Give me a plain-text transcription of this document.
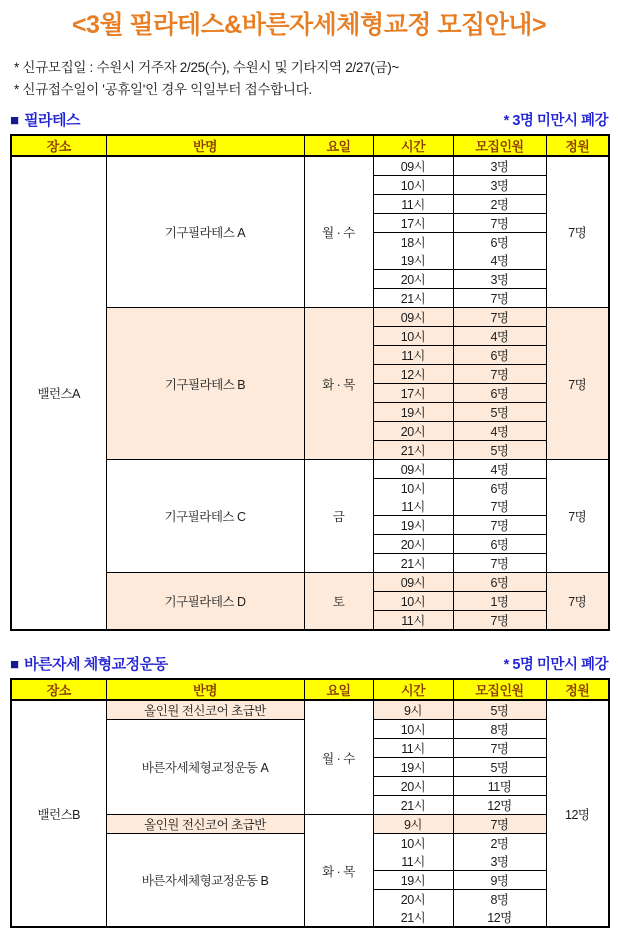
<3월 필라테스&바른자세체형교정 모집안내>
* 신규모집일 : 수원시 거주자 2/25(수), 수원시 및 기타지역 2/27(금)~
* 신규접수일이 '공휴일'인 경우 익일부터 접수합니다.
■ 필라테스	* 3명 미만시 폐강
장소	반명	요일	시간	모집인원	정원
밸런스A	기구필라테스 A	월 · 수	09시	3명	7명
			10시	3명	
			11시	2명	
			17시	7명	
			18시	6명	
			19시	4명	
			20시	3명	
			21시	7명	
	기구필라테스 B	화 · 목	09시	7명	7명
			10시	4명	
			11시	6명	
			12시	7명	
			17시	6명	
			19시	5명	
			20시	4명	
			21시	5명	
	기구필라테스 C	금	09시	4명	7명
			10시	6명	
			11시	7명	
			19시	7명	
			20시	6명	
			21시	7명	
	기구필라테스 D	토	09시	6명	7명
			10시	1명	
			11시	7명	
■ 바른자세 체형교정운동	* 5명 미만시 폐강
장소	반명	요일	시간	모집인원	정원
밸런스B	올인원 전신코어 초급반	월 · 수	9시	5명	12명
	바른자세체형교정운동 A		10시	8명	
			11시	7명	
			19시	5명	
			20시	11명	
			21시	12명	
	올인원 전신코어 초급반	화 · 목	9시	7명	
	바른자세체형교정운동 B		10시	2명	
			11시	3명	
			19시	9명	
			20시	8명	
			21시	12명	
